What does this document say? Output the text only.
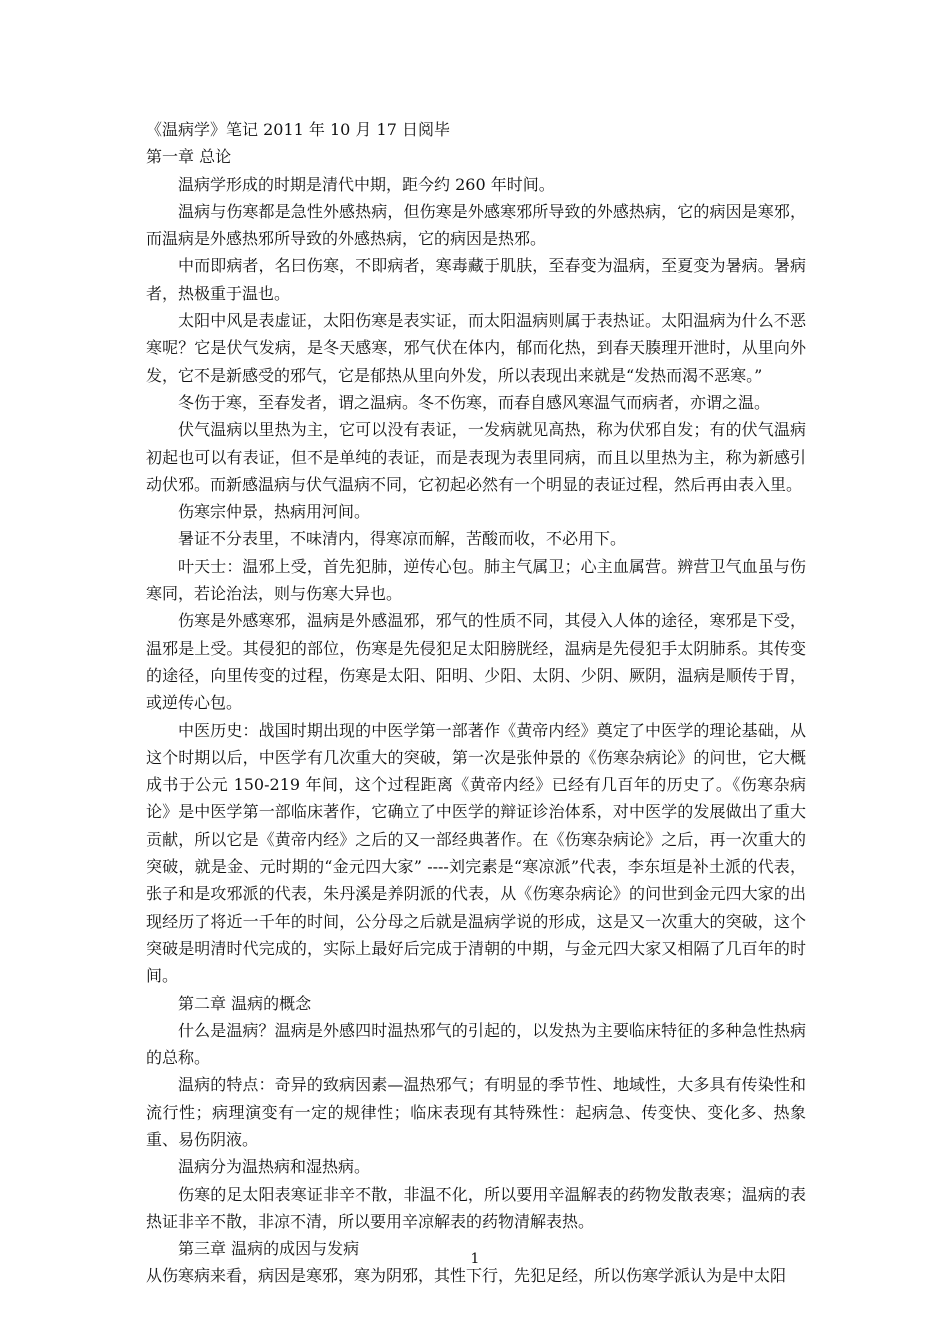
《温病学》笔记 2011 年 10 月 17 日阅毕

第一章 总论

温病学形成的时期是清代中期，距今约 260 年时间。

温病与伤寒都是急性外感热病，但伤寒是外感寒邪所导致的外感热病，它的病因是寒邪，而温病是外感热邪所导致的外感热病，它的病因是热邪。

中而即病者，名曰伤寒，不即病者，寒毒藏于肌肤，至春变为温病，至夏变为暑病。暑病者，热极重于温也。

太阳中风是表虚证，太阳伤寒是表实证，而太阳温病则属于表热证。太阳温病为什么不恶寒呢？它是伏气发病，是冬天感寒，邪气伏在体内，郁而化热，到春天腠理开泄时，从里向外发，它不是新感受的邪气，它是郁热从里向外发，所以表现出来就是“发热而渴不恶寒。”

冬伤于寒，至春发者，谓之温病。冬不伤寒，而春自感风寒温气而病者，亦谓之温。

伏气温病以里热为主，它可以没有表证，一发病就见高热，称为伏邪自发；有的伏气温病初起也可以有表证，但不是单纯的表证，而是表现为表里同病，而且以里热为主，称为新感引动伏邪。而新感温病与伏气温病不同，它初起必然有一个明显的表证过程，然后再由表入里。

伤寒宗仲景，热病用河间。

暑证不分表里，不味清内，得寒凉而解，苦酸而收，不必用下。

叶天士：温邪上受，首先犯肺，逆传心包。肺主气属卫；心主血属营。辨营卫气血虽与伤寒同，若论治法，则与伤寒大异也。

伤寒是外感寒邪，温病是外感温邪，邪气的性质不同，其侵入人体的途径，寒邪是下受，温邪是上受。其侵犯的部位，伤寒是先侵犯足太阳膀胱经，温病是先侵犯手太阴肺系。其传变的途径，向里传变的过程，伤寒是太阳、阳明、少阳、太阴、少阴、厥阴，温病是顺传于胃，或逆传心包。

中医历史：战国时期出现的中医学第一部著作《黄帝内经》奠定了中医学的理论基础，从这个时期以后，中医学有几次重大的突破，第一次是张仲景的《伤寒杂病论》的问世，它大概成书于公元 150-219 年间，这个过程距离《黄帝内经》已经有几百年的历史了。《伤寒杂病论》是中医学第一部临床著作，它确立了中医学的辩证诊治体系，对中医学的发展做出了重大贡献，所以它是《黄帝内经》之后的又一部经典著作。在《伤寒杂病论》之后，再一次重大的突破，就是金、元时期的“金元四大家” ----刘完素是“寒凉派”代表，李东垣是补土派的代表，张子和是攻邪派的代表，朱丹溪是养阴派的代表，从《伤寒杂病论》的问世到金元四大家的出现经历了将近一千年的时间，公分母之后就是温病学说的形成，这是又一次重大的突破，这个突破是明清时代完成的，实际上最好后完成于清朝的中期，与金元四大家又相隔了几百年的时间。

第二章 温病的概念

什么是温病？温病是外感四时温热邪气的引起的，以发热为主要临床特征的多种急性热病的总称。

温病的特点：奇异的致病因素—温热邪气；有明显的季节性、地域性，大多具有传染性和流行性；病理演变有一定的规律性；临床表现有其特殊性：起病急、传变快、变化多、热象重、易伤阴液。

温病分为温热病和湿热病。

伤寒的足太阳表寒证非辛不散，非温不化，所以要用辛温解表的药物发散表寒；温病的表热证非辛不散，非凉不清，所以要用辛凉解表的药物清解表热。

第三章 温病的成因与发病

从伤寒病来看，病因是寒邪，寒为阴邪，其性下行，先犯足经，所以伤寒学派认为是中太阳

1
